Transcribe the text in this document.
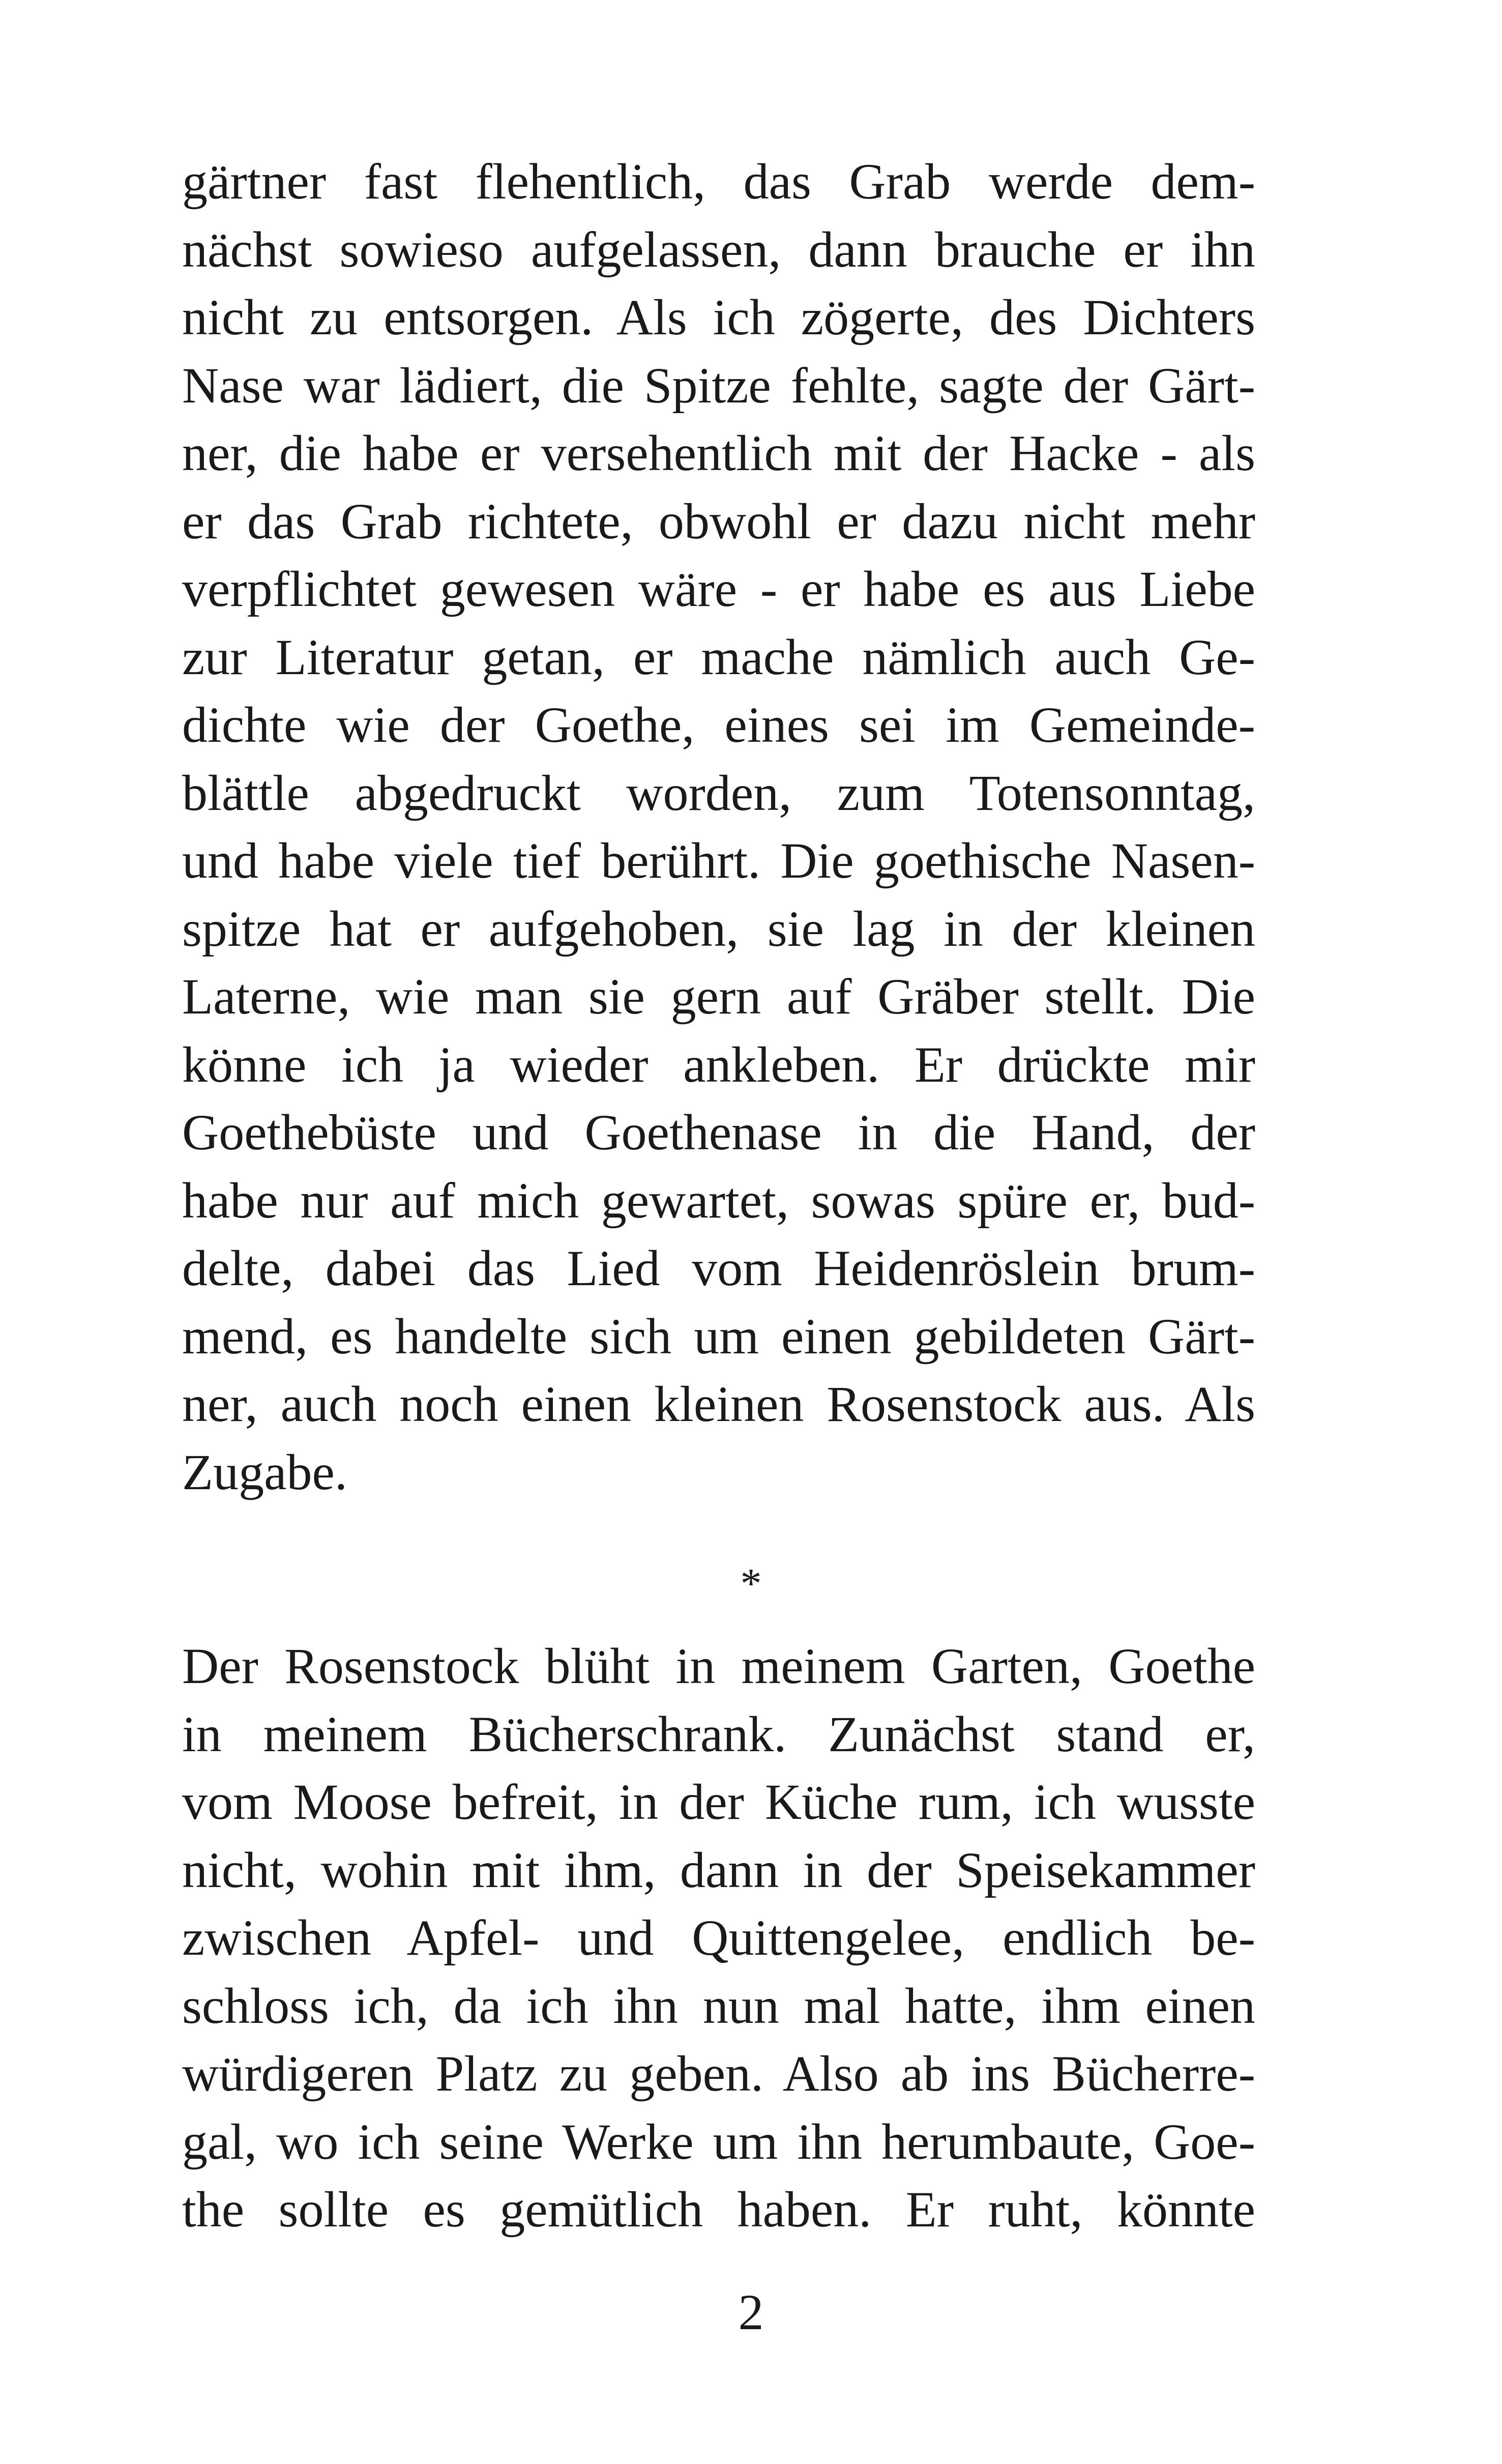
gärtner fast flehentlich, das Grab werde dem-
nächst sowieso aufgelassen, dann brauche er ihn
nicht zu entsorgen. Als ich zögerte, des Dichters
Nase war lädiert, die Spitze fehlte, sagte der Gärt-
ner, die habe er versehentlich mit der Hacke - als
er das Grab richtete, obwohl er dazu nicht mehr
verpflichtet gewesen wäre - er habe es aus Liebe
zur Literatur getan, er mache nämlich auch Ge-
dichte wie der Goethe, eines sei im Gemeinde-
blättle abgedruckt worden, zum Totensonntag,
und habe viele tief berührt. Die goethische Nasen-
spitze hat er aufgehoben, sie lag in der kleinen
Laterne, wie man sie gern auf Gräber stellt. Die
könne ich ja wieder ankleben. Er drückte mir
Goethebüste und Goethenase in die Hand, der
habe nur auf mich gewartet, sowas spüre er, bud-
delte, dabei das Lied vom Heidenröslein brum-
mend, es handelte sich um einen gebildeten Gärt-
ner, auch noch einen kleinen Rosenstock aus. Als
Zugabe.
*
Der Rosenstock blüht in meinem Garten, Goethe
in meinem Bücherschrank. Zunächst stand er,
vom Moose befreit, in der Küche rum, ich wusste
nicht, wohin mit ihm, dann in der Speisekammer
zwischen Apfel- und Quittengelee, endlich be-
schloss ich, da ich ihn nun mal hatte, ihm einen
würdigeren Platz zu geben. Also ab ins Bücherre-
gal, wo ich seine Werke um ihn herumbaute, Goe-
the sollte es gemütlich haben. Er ruht, könnte
2
